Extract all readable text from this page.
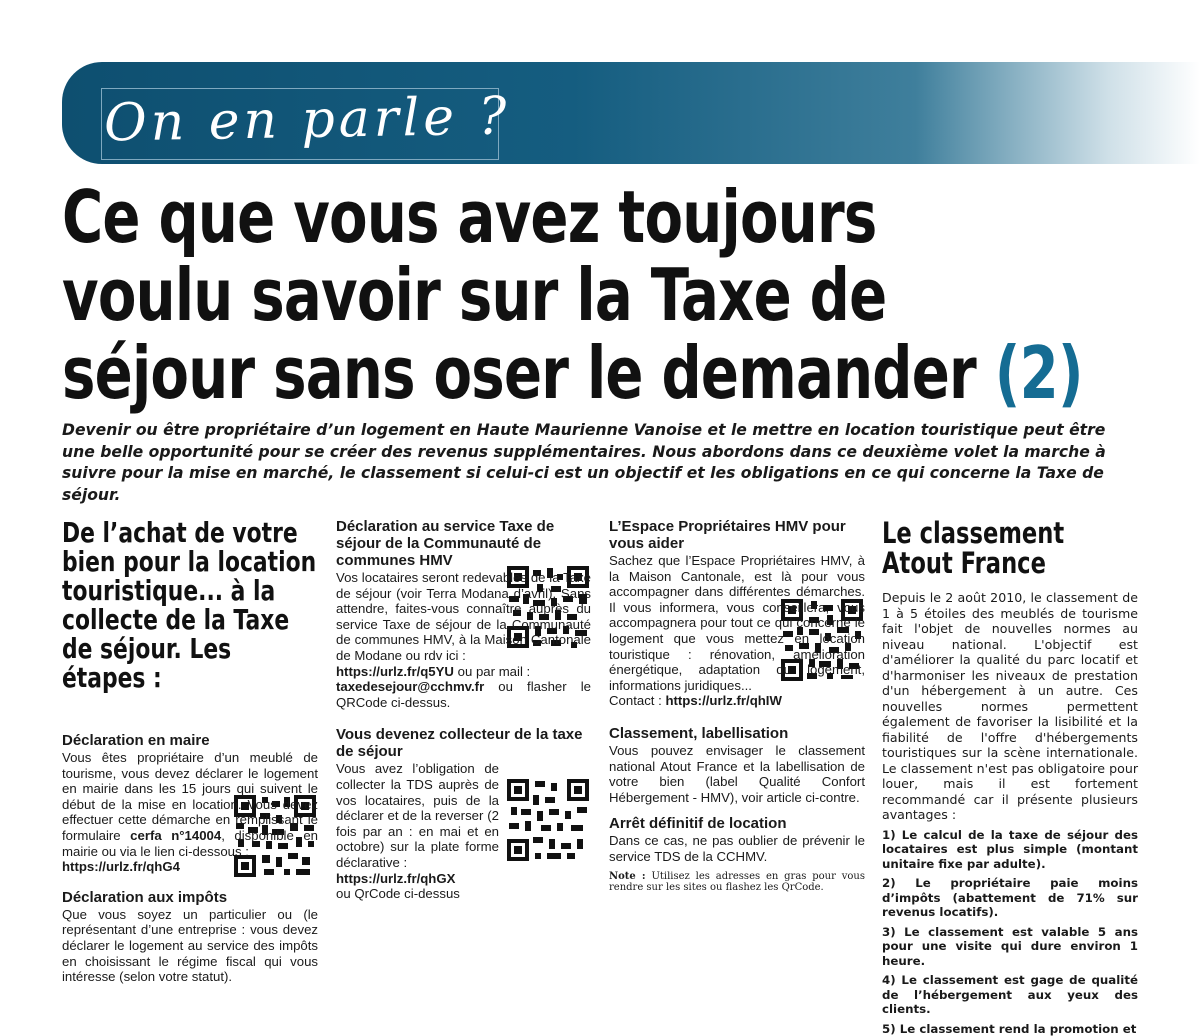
On en parle ?
Ce que vous avez toujours
voulu savoir sur la Taxe de
séjour sans oser le demander (2)

Devenir ou être propriétaire d’un logement en Haute Maurienne Vanoise et le mettre en location touristique peut être une belle opportunité pour se créer des revenus supplémentaires. Nous abordons dans ce deuxième volet la marche à suivre pour la mise en marché, le classement si celui-ci est un objectif et les obligations en ce qui concerne la Taxe de séjour.

De l’achat de votre bien pour la location touristique... à la collecte de la Taxe de séjour. Les étapes :
Déclaration en maire

Vous êtes propriétaire d’un meublé de tourisme, vous devez déclarer le logement en mairie dans les 15 jours qui suivent le début de la mise en location. Vous devez effectuer cette démarche en remplissant le formulaire cerfa n°14004, disponible en mairie ou via le lien ci-dessous :

https://urlz.fr/qhG4

Déclaration aux impôts

Que vous soyez un particulier ou (le représentant d’une entreprise : vous devez déclarer le logement au service des impôts en choisissant le régime fiscal qui vous intéresse (selon votre statut).

Déclaration au service Taxe de séjour de la Communauté de communes HMV

Vos locataires seront redevables de la Taxe de séjour (voir Terra Modana d’avril). Sans attendre, faites-vous connaître auprès du service Taxe de séjour de la Communauté de communes HMV, à la Maison Cantonale de Modane ou rdv ici :

https://urlz.fr/q5YU ou par mail :

taxedesejour@cchmv.fr ou flasher le QRCode ci-dessus.

Vous devenez collecteur de la taxe de séjour

Vous avez l’obligation de collecter la TDS auprès de vos locataires, puis de la déclarer et de la reverser (2 fois par an : en mai et en octobre) sur la plate forme déclarative :

https://urlz.fr/qhGX

ou QrCode ci-dessus

L’Espace Propriétaires HMV pour vous aider

Sachez que l’Espace Propriétaires HMV, à la Maison Cantonale, est là pour vous accompagner dans différentes démarches. Il vous informera, vous conseillera, vous accompagnera pour tout ce qui concerne le logement que vous mettez en location touristique : rénovation, amélioration énergétique, adaptation du logement, informations juridiques...

Contact : https://urlz.fr/qhIW

Classement, labellisation

Vous pouvez envisager le classement national Atout France et la labellisation de votre bien (label Qualité Confort Hébergement - HMV), voir article ci-contre.

Arrêt définitif de location

Dans ce cas, ne pas oublier de prévenir le service TDS de la CCHMV.

Note : Utilisez les adresses en gras pour vous rendre sur les sites ou flashez les QrCode.

Le classement Atout France

Depuis le 2 août 2010, le classement de 1 à 5 étoiles des meublés de tourisme fait l'objet de nouvelles normes au niveau national. L'objectif est d'améliorer la qualité du parc locatif et d'harmoniser les niveaux de prestation d'un hébergement à un autre. Ces nouvelles normes permettent également de favoriser la lisibilité et la fiabilité de l'offre d'hébergements touristiques sur la scène internationale. Le classement n'est pas obligatoire pour louer, mais il est fortement recommandé car il présente plusieurs avantages :

1) Le calcul de la taxe de séjour des locataires est plus simple (montant unitaire fixe par adulte).

2) Le propriétaire paie moins d’impôts (abattement de 71% sur revenus locatifs).

3) Le classement est valable 5 ans pour une visite qui dure environ 1 heure.

4) Le classement est gage de qualité de l’hébergement aux yeux des clients.

5) Le classement rend la promotion et
